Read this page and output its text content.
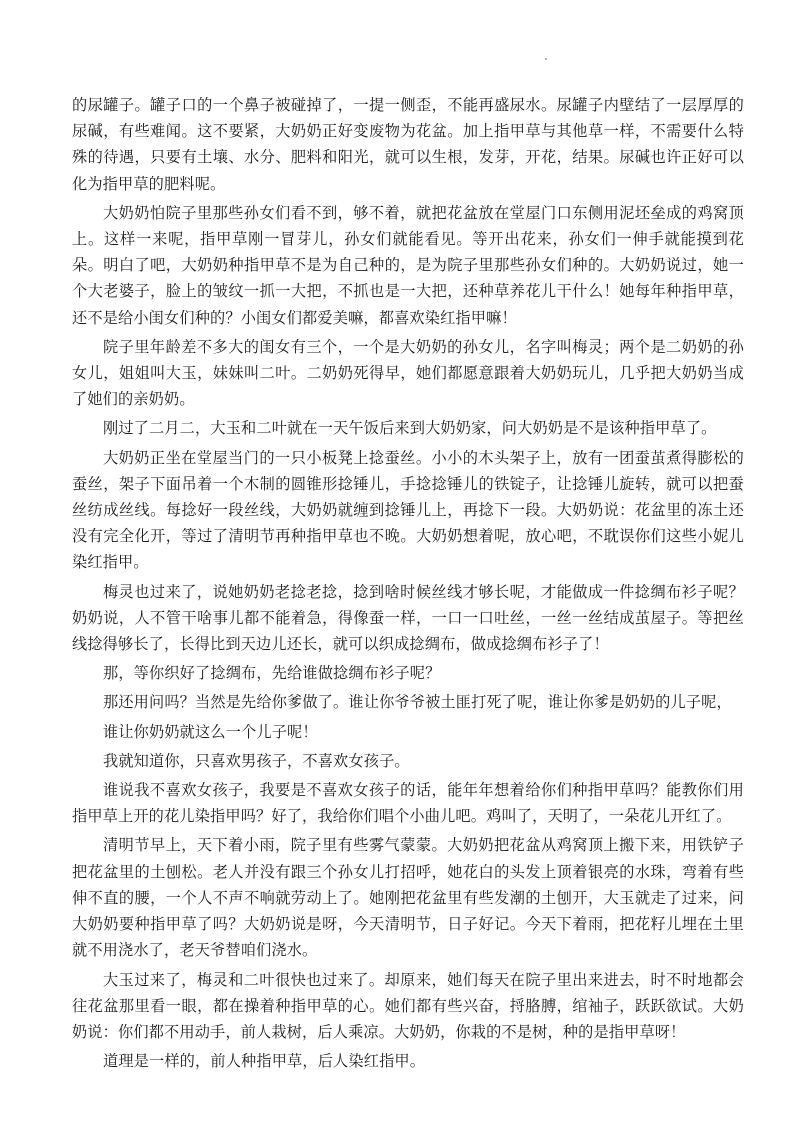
的尿罐子。罐子口的一个鼻子被碰掉了，一提一侧歪，不能再盛尿水。尿罐子内壁结了一层厚厚的尿碱，有些难闻。这不要紧，大奶奶正好变废物为花盆。加上指甲草与其他草一样，不需要什么特殊的待遇，只要有土壤、水分、肥料和阳光，就可以生根，发芽，开花，结果。尿碱也许正好可以化为指甲草的肥料呢。

大奶奶怕院子里那些孙女们看不到，够不着，就把花盆放在堂屋门口东侧用泥坯垒成的鸡窝顶上。这样一来呢，指甲草刚一冒芽儿，孙女们就能看见。等开出花来，孙女们一伸手就能摸到花朵。明白了吧，大奶奶种指甲草不是为自己种的，是为院子里那些孙女们种的。大奶奶说过，她一个大老婆子，脸上的皱纹一抓一大把，不抓也是一大把，还种草养花儿干什么！她每年种指甲草，还不是给小闺女们种的？小闺女们都爱美嘛，都喜欢染红指甲嘛！

院子里年龄差不多大的闺女有三个，一个是大奶奶的孙女儿，名字叫梅灵；两个是二奶奶的孙女儿，姐姐叫大玉，妹妹叫二叶。二奶奶死得早，她们都愿意跟着大奶奶玩儿，几乎把大奶奶当成了她们的亲奶奶。

刚过了二月二，大玉和二叶就在一天午饭后来到大奶奶家，问大奶奶是不是该种指甲草了。

大奶奶正坐在堂屋当门的一只小板凳上捻蚕丝。小小的木头架子上，放有一团蚕茧煮得膨松的蚕丝，架子下面吊着一个木制的圆锥形捻锤儿，手捻捻锤儿的铁锭子，让捻锤儿旋转，就可以把蚕丝纺成丝线。每捻好一段丝线，大奶奶就缠到捻锤儿上，再捻下一段。大奶奶说：花盆里的冻土还没有完全化开，等过了清明节再种指甲草也不晚。大奶奶想着呢，放心吧，不耽误你们这些小妮儿染红指甲。

梅灵也过来了，说她奶奶老捻老捻，捻到啥时候丝线才够长呢，才能做成一件捻绸布衫子呢？奶奶说，人不管干啥事儿都不能着急，得像蚕一样，一口一口吐丝，一丝一丝结成茧屋子。等把丝线捻得够长了，长得比到天边儿还长，就可以织成捻绸布，做成捻绸布衫子了！

那，等你织好了捻绸布，先给谁做捻绸布衫子呢？

那还用问吗？当然是先给你爹做了。谁让你爷爷被土匪打死了呢，谁让你爹是奶奶的儿子呢，

谁让你奶奶就这么一个儿子呢！

我就知道你，只喜欢男孩子，不喜欢女孩子。

谁说我不喜欢女孩子，我要是不喜欢女孩子的话，能年年想着给你们种指甲草吗？能教你们用指甲草上开的花儿染指甲吗？好了，我给你们唱个小曲儿吧。鸡叫了，天明了，一朵花儿开红了。

清明节早上，天下着小雨，院子里有些雾气蒙蒙。大奶奶把花盆从鸡窝顶上搬下来，用铁铲子把花盆里的土刨松。老人并没有跟三个孙女儿打招呼，她花白的头发上顶着银亮的水珠，弯着有些伸不直的腰，一个人不声不响就劳动上了。她刚把花盆里有些发潮的土刨开，大玉就走了过来，问大奶奶要种指甲草了吗？大奶奶说是呀，今天清明节，日子好记。今天下着雨，把花籽儿埋在土里就不用浇水了，老天爷替咱们浇水。

大玉过来了，梅灵和二叶很快也过来了。却原来，她们每天在院子里出来进去，时不时地都会往花盆那里看一眼，都在操着种指甲草的心。她们都有些兴奋，捋胳膊，绾袖子，跃跃欲试。大奶奶说：你们都不用动手，前人栽树，后人乘凉。大奶奶，你栽的不是树，种的是指甲草呀！

道理是一样的，前人种指甲草，后人染红指甲。
